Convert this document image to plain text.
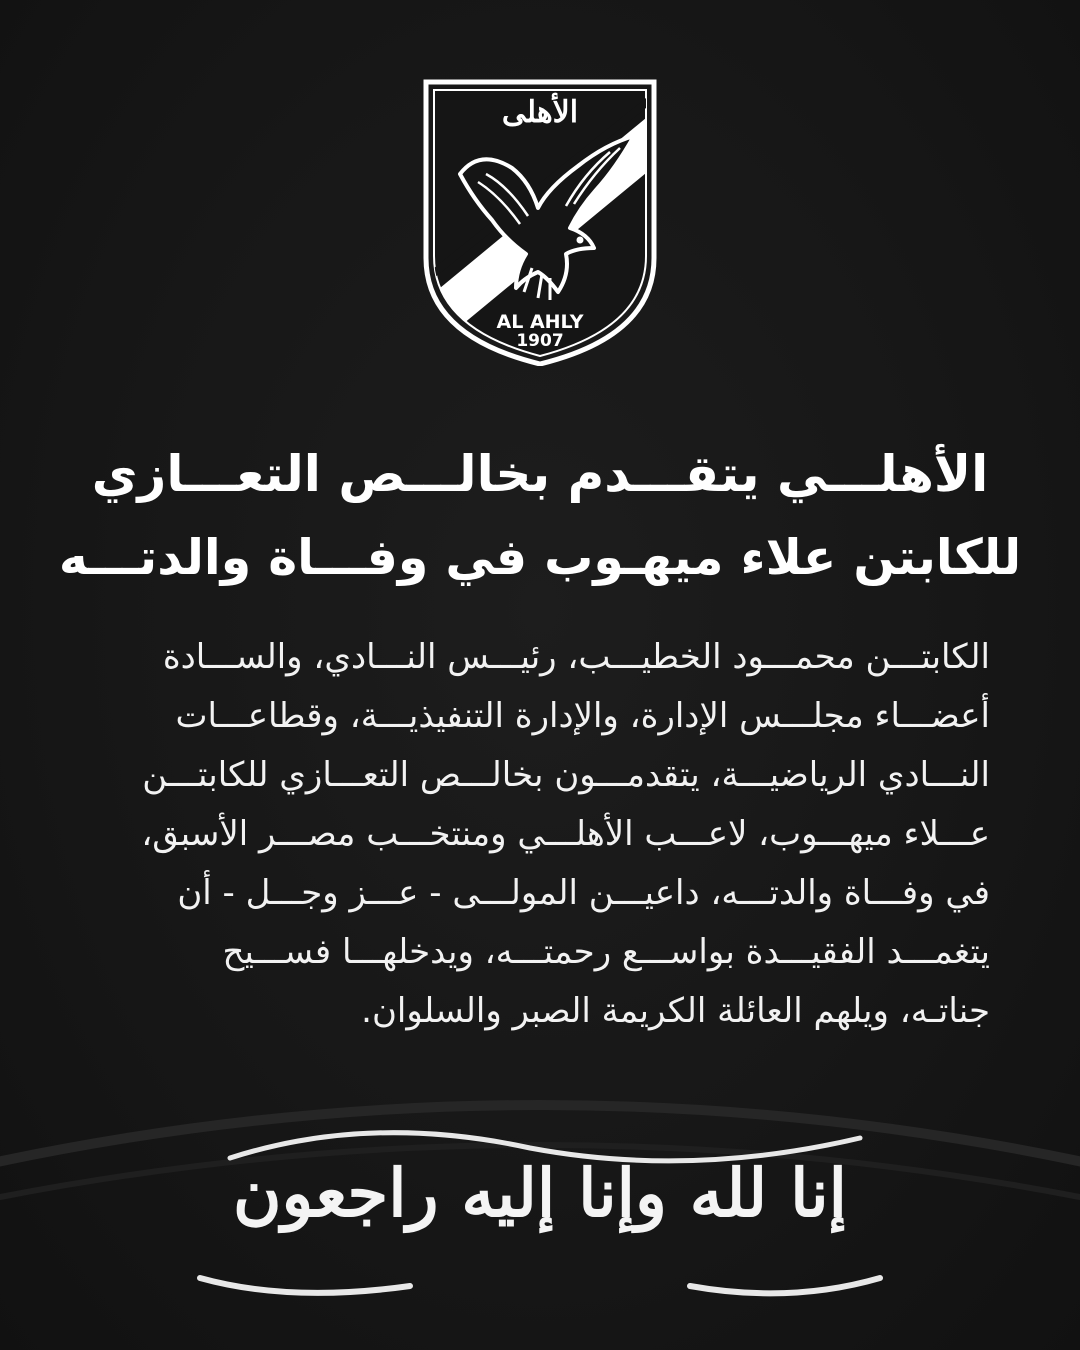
الأهلى
AL AHLY
1907
الأهلـــي يتقـــدم بخالـــص التعـــازي
للكابتن علاء ميهـوب في وفـــاة والدتـــه
الكابتـــن محمـــود الخطيـــب، رئيـــس النـــادي، والســـادة
أعضـــاء مجلـــس الإدارة، والإدارة التنفيذيـــة، وقطاعـــات
النـــادي الرياضيـــة، يتقدمـــون بخالـــص التعـــازي للكابتـــن
عـــلاء ميهـــوب، لاعـــب الأهلـــي ومنتخـــب مصـــر الأسبق،
في وفـــاة والدتـــه، داعيـــن المولـــى - عـــز وجـــل - أن
يتغمـــد الفقيـــدة بواســـع رحمتـــه، ويدخلهـــا فســـيح
جناتـه، ويلهم العائلة الكريمة الصبر والسلوان.
إنا لله وإنا إليه راجعون
